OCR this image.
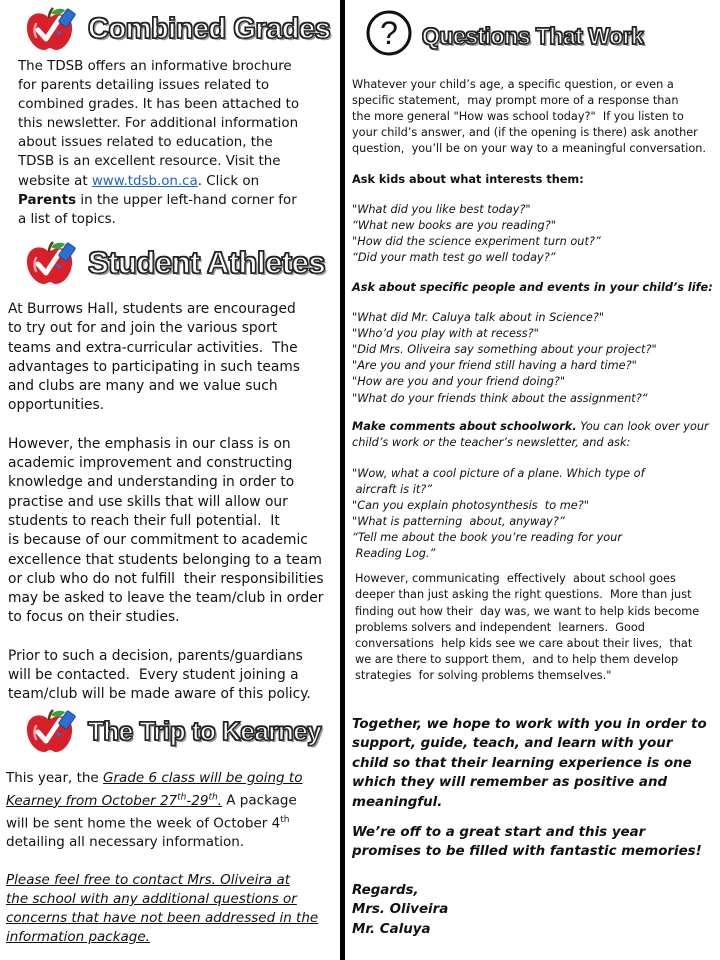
Combined Grades

The TDSB offers an informative brochure

for parents detailing issues related to

combined grades. It has been attached to

this newsletter. For additional information

about issues related to education, the

TDSB is an excellent resource. Visit the

website at www.tdsb.on.ca. Click on

Parents in the upper left-hand corner for

a list of topics.

Student Athletes

At Burrows Hall, students are encouraged

to try out for and join the various sport

teams and extra-curricular activities.  The

advantages to participating in such teams

and clubs are many and we value such

opportunities.

However, the emphasis in our class is on

academic improvement and constructing

knowledge and understanding in order to

practise and use skills that will allow our

students to reach their full potential.  It

is because of our commitment to academic

excellence that students belonging to a team

or club who do not fulfill  their responsibilities

may be asked to leave the team/club in order

to focus on their studies.

Prior to such a decision, parents/guardians

will be contacted.  Every student joining a

team/club will be made aware of this policy.

The Trip to Kearney

This year, the Grade 6 class will be going to

Kearney from October 27th-29th. A package

will be sent home the week of October 4th

detailing all necessary information.

Please feel free to contact Mrs. Oliveira at

the school with any additional questions or

concerns that have not been addressed in the

information package.

? Questions That Work

Whatever your child’s age, a specific question, or even a

specific statement,  may prompt more of a response than

the more general "How was school today?"  If you listen to

your child’s answer, and (if the opening is there) ask another

question,  you’ll be on your way to a meaningful conversation.

Ask kids about what interests them:

"What did you like best today?"

“What new books are you reading?"

"How did the science experiment turn out?”

“Did your math test go well today?”

Ask about specific people and events in your child’s life:

"What did Mr. Caluya talk about in Science?"

"Who’d you play with at recess?"

"Did Mrs. Oliveira say something about your project?"

"Are you and your friend still having a hard time?"

"How are you and your friend doing?"

"What do your friends think about the assignment?“

Make comments about schoolwork. You can look over your

child’s work or the teacher’s newsletter, and ask:

"Wow, what a cool picture of a plane. Which type of

aircraft is it?”

"Can you explain photosynthesis  to me?"

"What is patterning  about, anyway?”

“Tell me about the book you’re reading for your

Reading Log.”

However, communicating  effectively  about school goes

deeper than just asking the right questions.  More than just

finding out how their  day was, we want to help kids become

problems solvers and independent  learners.  Good

conversations  help kids see we care about their lives,  that

we are there to support them,  and to help them develop

strategies  for solving problems themselves."

Together, we hope to work with you in order to

support, guide, teach, and learn with your

child so that their learning experience is one

which they will remember as positive and

meaningful.

We’re off to a great start and this year

promises to be filled with fantastic memories!

Regards,

Mrs. Oliveira

Mr. Caluya
